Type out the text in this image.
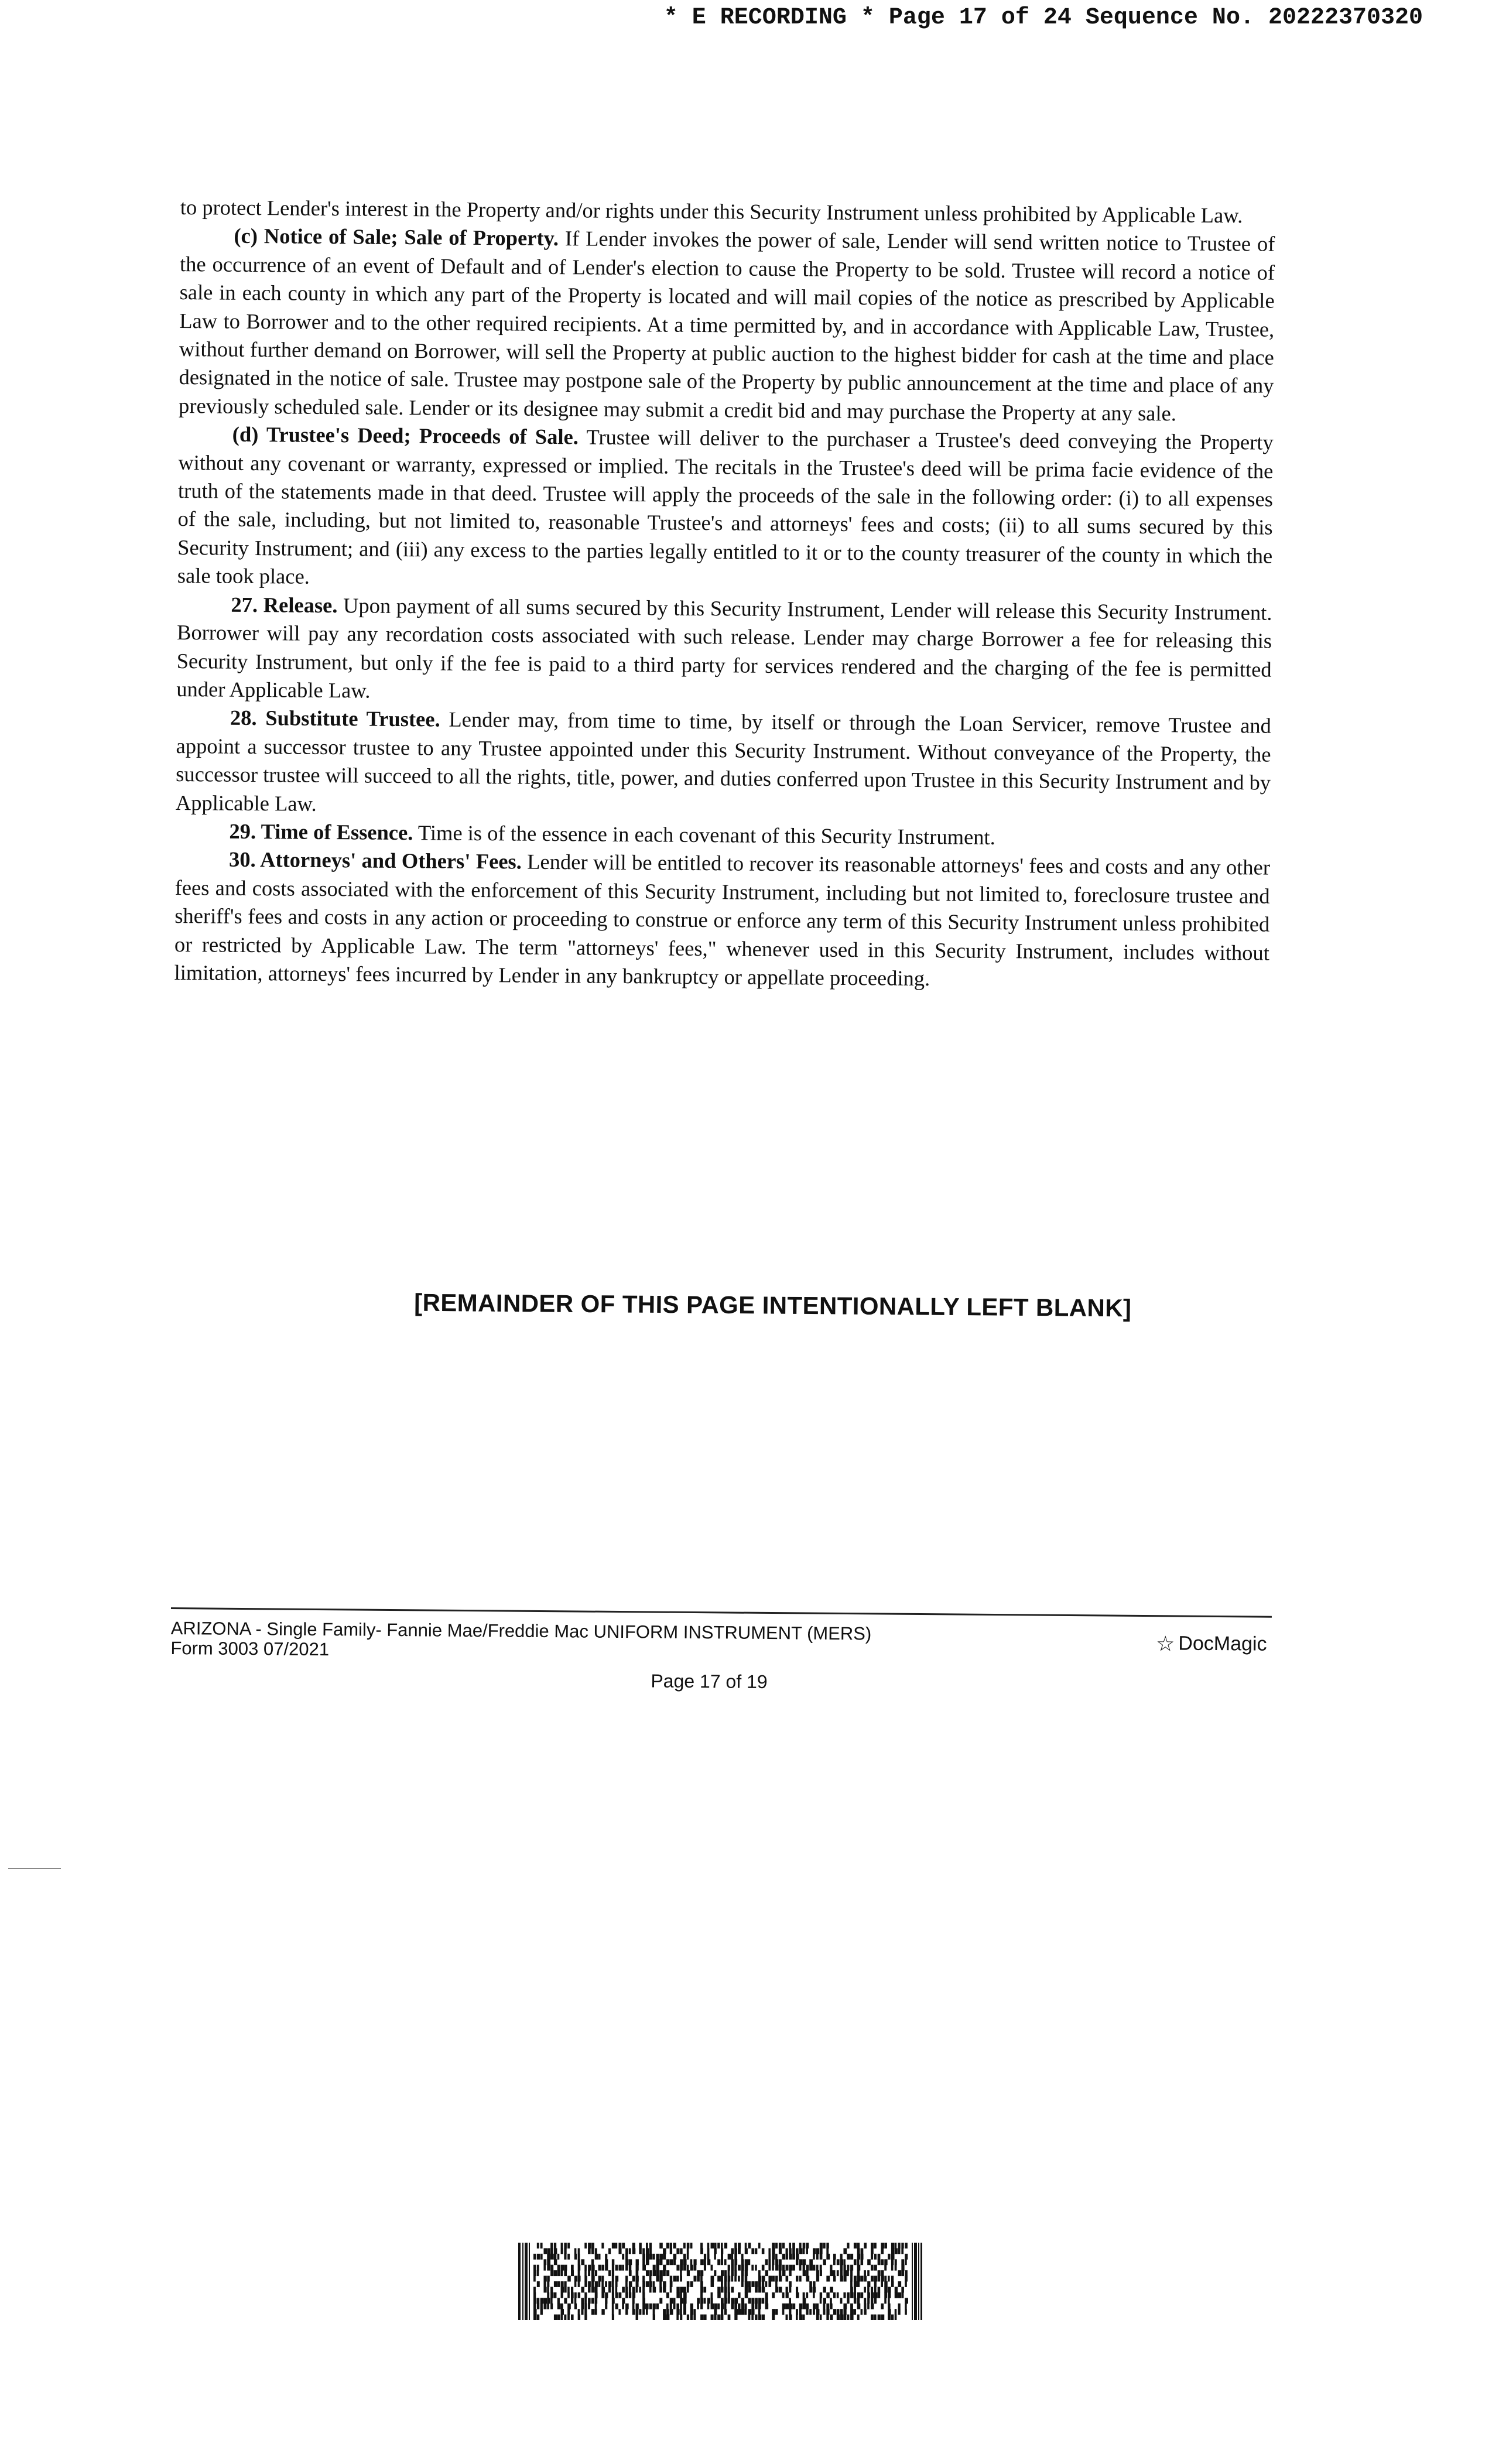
* E RECORDING * Page 17 of 24 Sequence No. 20222370320

to protect Lender's interest in the Property and/or rights under this Security Instrument unless prohibited by Applicable Law.

(c) Notice of Sale; Sale of Property. If Lender invokes the power of sale, Lender will send written notice to Trustee of the occurrence of an event of Default and of Lender's election to cause the Property to be sold. Trustee will record a notice of sale in each county in which any part of the Property is located and will mail copies of the notice as prescribed by Applicable Law to Borrower and to the other required recipients. At a time permitted by, and in accordance with Applicable Law, Trustee, without further demand on Borrower, will sell the Property at public auction to the highest bidder for cash at the time and place designated in the notice of sale. Trustee may postpone sale of the Property by public announcement at the time and place of any previously scheduled sale. Lender or its designee may submit a credit bid and may purchase the Property at any sale.

(d) Trustee's Deed; Proceeds of Sale. Trustee will deliver to the purchaser a Trustee's deed conveying the Property without any covenant or warranty, expressed or implied. The recitals in the Trustee's deed will be prima facie evidence of the truth of the statements made in that deed. Trustee will apply the proceeds of the sale in the following order: (i) to all expenses of the sale, including, but not limited to, reasonable Trustee's and attorneys' fees and costs; (ii) to all sums secured by this Security Instrument; and (iii) any excess to the parties legally entitled to it or to the county treasurer of the county in which the sale took place.

27. Release. Upon payment of all sums secured by this Security Instrument, Lender will release this Security Instrument. Borrower will pay any recordation costs associated with such release. Lender may charge Borrower a fee for releasing this Security Instrument, but only if the fee is paid to a third party for services rendered and the charging of the fee is permitted under Applicable Law.

28. Substitute Trustee. Lender may, from time to time, by itself or through the Loan Servicer, remove Trustee and appoint a successor trustee to any Trustee appointed under this Security Instrument. Without conveyance of the Property, the successor trustee will succeed to all the rights, title, power, and duties conferred upon Trustee in this Security Instrument and by Applicable Law.

29. Time of Essence. Time is of the essence in each covenant of this Security Instrument.

30. Attorneys' and Others' Fees. Lender will be entitled to recover its reasonable attorneys' fees and costs and any other fees and costs associated with the enforcement of this Security Instrument, including but not limited to, foreclosure trustee and sheriff's fees and costs in any action or proceeding to construe or enforce any term of this Security Instrument unless prohibited or restricted by Applicable Law. The term "attorneys' fees," whenever used in this Security Instrument, includes without limitation, attorneys' fees incurred by Lender in any bankruptcy or appellate proceeding.

[REMAINDER OF THIS PAGE INTENTIONALLY LEFT BLANK]
ARIZONA - Single Family- Fannie Mae/Freddie Mac UNIFORM INSTRUMENT (MERS)
Form 3003 07/2021	☆ DocMagic
Page 17 of 19
